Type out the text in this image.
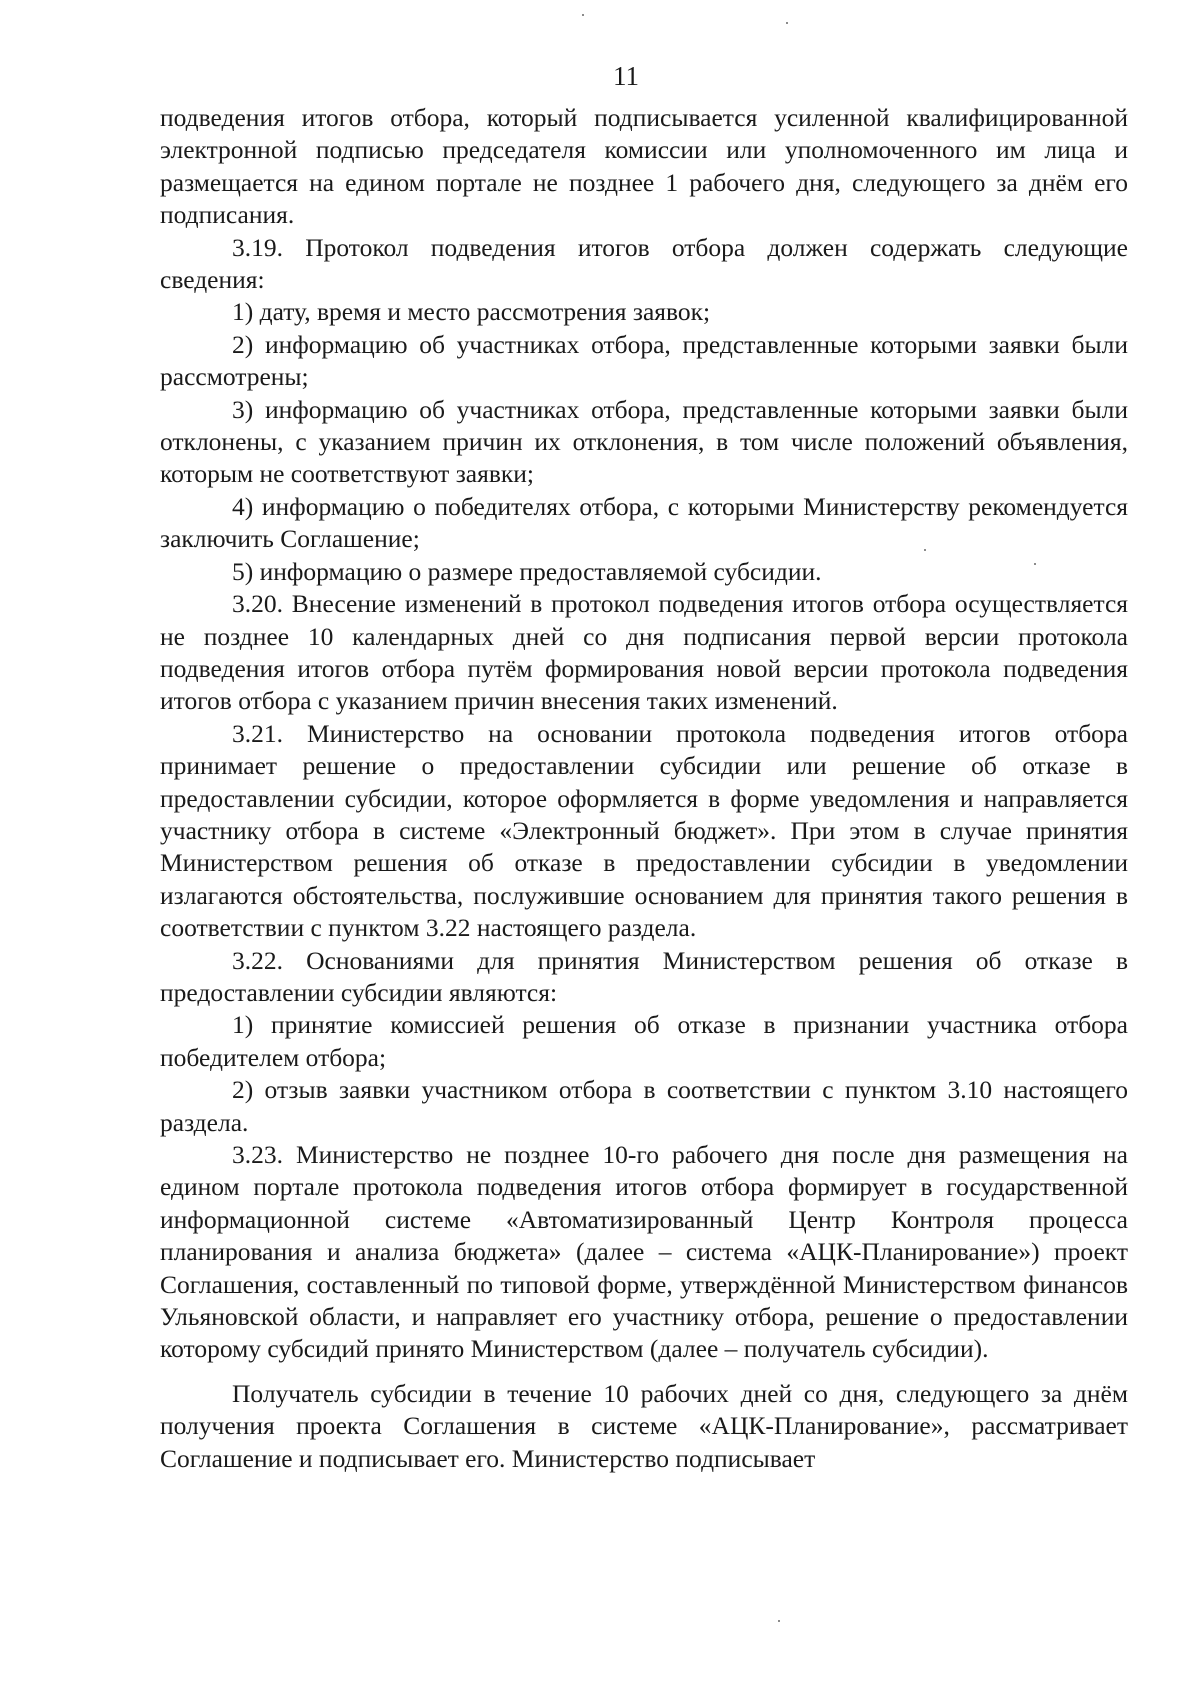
11

подведения итогов отбора, который подписывается усиленной квалифицированной электронной подписью председателя комиссии или уполномоченного им лица и размещается на едином портале не позднее 1 рабочего дня, следующего за днём его подписания.

3.19. Протокол подведения итогов отбора должен содержать следующие сведения:

1) дату, время и место рассмотрения заявок;

2) информацию об участниках отбора, представленные которыми заявки были рассмотрены;

3) информацию об участниках отбора, представленные которыми заявки были отклонены, с указанием причин их отклонения, в том числе положений объявления, которым не соответствуют заявки;

4) информацию о победителях отбора, с которыми Министерству рекомендуется заключить Соглашение;

5) информацию о размере предоставляемой субсидии.

3.20. Внесение изменений в протокол подведения итогов отбора осуществляется не позднее 10 календарных дней со дня подписания первой версии протокола подведения итогов отбора путём формирования новой версии протокола подведения итогов отбора с указанием причин внесения таких изменений.

3.21. Министерство на основании протокола подведения итогов отбора принимает решение о предоставлении субсидии или решение об отказе в предоставлении субсидии, которое оформляется в форме уведомления и направляется участнику отбора в системе «Электронный бюджет». При этом в случае принятия Министерством решения об отказе в предоставлении субсидии в уведомлении излагаются обстоятельства, послужившие основанием для принятия такого решения в соответствии с пунктом 3.22 настоящего раздела.

3.22. Основаниями для принятия Министерством решения об отказе в предоставлении субсидии являются:

1) принятие комиссией решения об отказе в признании участника отбора победителем отбора;

2) отзыв заявки участником отбора в соответствии с пунктом 3.10 настоящего раздела.

3.23. Министерство не позднее 10-го рабочего дня после дня размещения на едином портале протокола подведения итогов отбора формирует в государственной информационной системе «Автоматизированный Центр Контроля процесса планирования и анализа бюджета» (далее – система «АЦК-Планирование») проект Соглашения, составленный по типовой форме, утверждённой Министерством финансов Ульяновской области, и направляет его участнику отбора, решение о предоставлении которому субсидий принято Министерством (далее – получатель субсидии).

Получатель субсидии в течение 10 рабочих дней со дня, следующего за днём получения проекта Соглашения в системе «АЦК-Планирование», рассматривает Соглашение и подписывает его. Министерство подписывает
